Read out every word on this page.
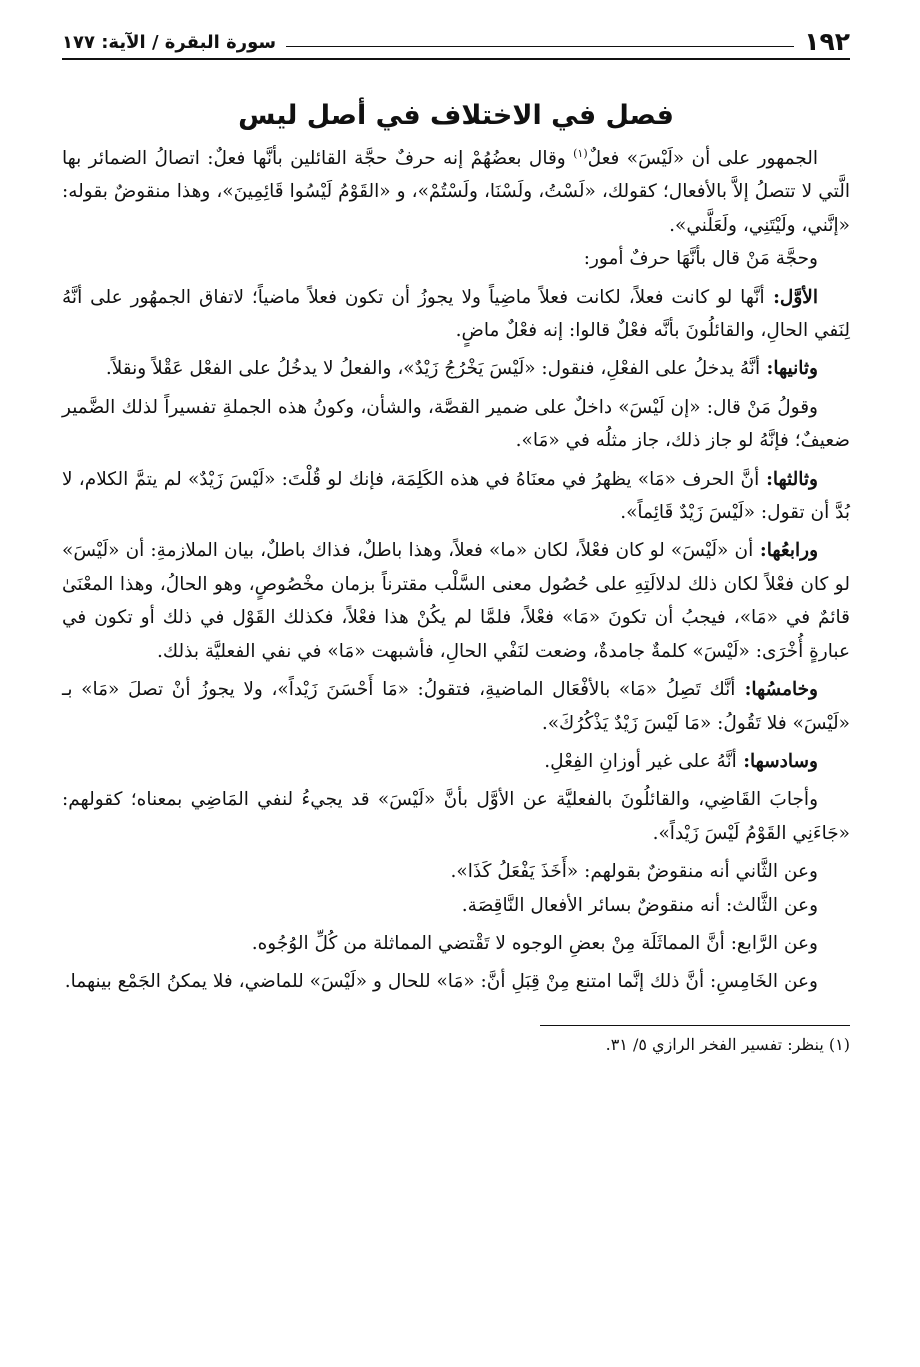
١٩٢
سورة البقرة / الآية: ١٧٧
فصل في الاختلاف في أصل ليس

الجمهور على أن «لَيْسَ» فعلٌ$^{(١)}$ وقال بعضُهُمْ إنه حرفٌ حجَّة القائلين بأنَّها فعلٌ: اتصالُ الضمائر بها الَّتي لا تتصلُ إلاَّ بالأفعال؛ كقولك، «لَسْتُ، ولَسْنَا، ولَسْتُمْ»، و «القَوْمُ لَيْسُوا قَائِمِينَ»، وهذا منقوضٌ بقوله: «إنَّني، ولَيْتَنِي، ولَعَلَّني».

وحجَّة مَنْ قال بأنَّهَا حرفٌ أمور:

الأوَّل: أنَّها لو كانت فعلاً، لكانت فعلاً ماضِياً ولا يجوزُ أن تكون فعلاً ماضياً؛ لاتفاق الجمهُور على أنَّهُ لِنَفي الحالِ، والقائلُونَ بأنَّه فعْلٌ قالوا: إنه فعْلٌ ماضٍ.

وثانيها: أنَّهُ يدخلُ على الفعْلِ، فنقول: «لَيْسَ يَخْرُجُ زَيْدٌ»، والفعلُ لا يدخُلُ على الفعْل عَقْلاً ونقلاً.

وقولُ مَنْ قال: «إن لَيْسَ» داخلٌ على ضمير القصَّة، والشأن، وكونُ هذه الجملةِ تفسيراً لذلك الضَّمير ضعيفٌ؛ فإنَّهُ لو جاز ذلك، جاز مثلُه في «مَا».

وثالثها: أنَّ الحرف «مَا» يظهرُ في معنَاهُ في هذه الكَلِمَة، فإنك لو قُلْتَ: «لَيْسَ زَيْدٌ» لم يتمَّ الكلام، لا بُدَّ أن تقول: «لَيْسَ زَيْدٌ قَائِماً».

ورابعُها: أن «لَيْسَ» لو كان فعْلاً، لكان «ما» فعلاً، وهذا باطلٌ، فذاك باطلٌ، بيان الملازمةِ: أن «لَيْسَ» لو كان فعْلاً لكان ذلك لدلالَتِهِ على حُصُول معنى السَّلْب مقترناً بزمان مخْصُوصٍ، وهو الحالُ، وهذا المعْنَىٰ قائمٌ في «مَا»، فيجبُ أن تكونَ «مَا» فعْلاً، فلمَّا لم يكُنْ هذا فعْلاً، فكذلك القَوْل في ذلك أو تكون في عبارةٍ أُخْرَى: «لَيْسَ» كلمةٌ جامدةٌ، وضعت لنَفْي الحالِ، فأشبهت «مَا» في نفي الفعليَّة بذلك.

وخامسُها: أنَّك تَصِلُ «مَا» بالأفْعَال الماضيةِ، فتقولُ: «مَا أَحْسَنَ زَيْداً»، ولا يجوزُ أنْ تصلَ «مَا» بـ «لَيْسَ» فلا تَقُولُ: «مَا لَيْسَ زَيْدٌ يَذْكُرُكَ».

وسادسها: أنَّهُ على غير أوزانِ الفِعْلِ.

وأجابَ القَاضِي، والقائلُونَ بالفعليَّة عن الأوَّل بأنَّ «لَيْسَ» قد يجيءُ لنفي المَاضِي بمعناه؛ كقولهم: «جَاءَنِي القَوْمُ لَيْسَ زَيْداً».

وعن الثَّاني أنه منقوضٌ بقولهم: «أَخَذَ يَفْعَلُ كَذَا».

وعن الثَّالث: أنه منقوضٌ بسائر الأفعال النَّاقِصَة.

وعن الرَّابع: أنَّ المماثَلَة مِنْ بعضِ الوجوه لا تَقْتضي المماثلة من كُلِّ الوُجُوه.

وعن الخَامِسِ: أنَّ ذلك إنَّما امتنع مِنْ قِبَلِ أنَّ: «مَا» للحال و «لَيْسَ» للماضي، فلا يمكنُ الجَمْع بينهما.

(١) ينظر: تفسير الفخر الرازي ٥/ ٣١.
